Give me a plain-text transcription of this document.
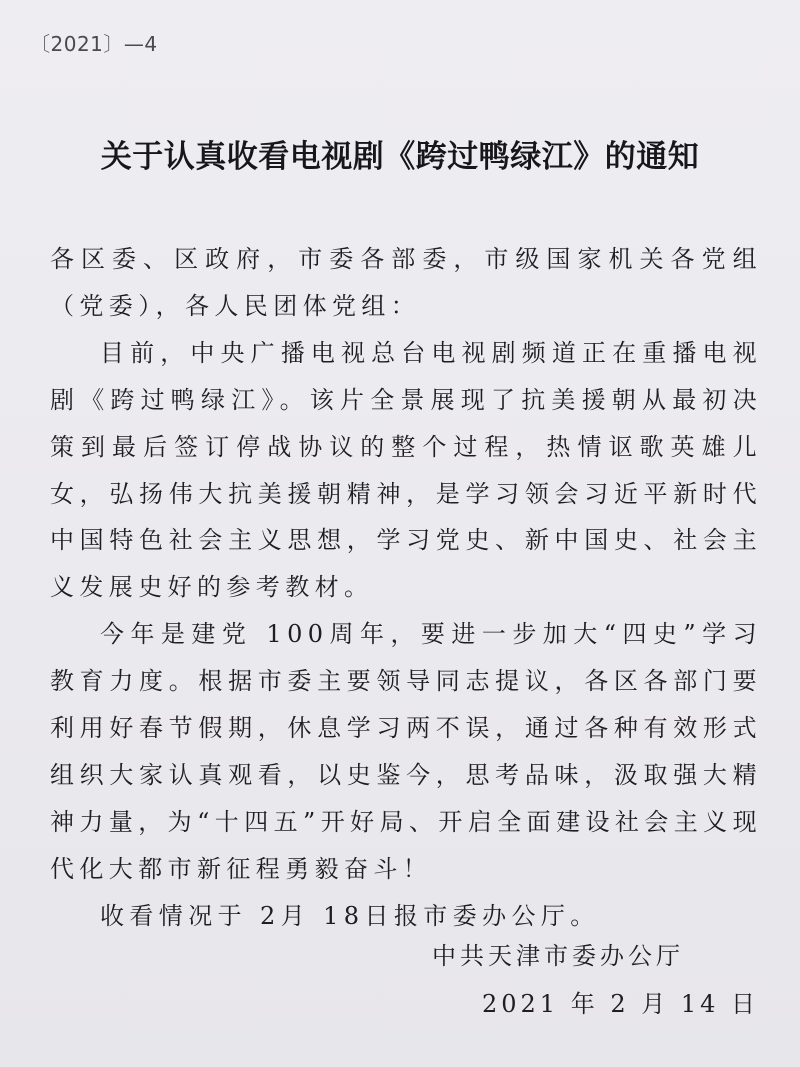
〔2021〕—4
关于认真收看电视剧《跨过鸭绿江》的通知

各区委、区政府，市委各部委，市级国家机关各党组（党委），各人民团体党组：

目前，中央广播电视总台电视剧频道正在重播电视剧《跨过鸭绿江》。该片全景展现了抗美援朝从最初决策到最后签订停战协议的整个过程，热情讴歌英雄儿女，弘扬伟大抗美援朝精神，是学习领会习近平新时代中国特色社会主义思想，学习党史、新中国史、社会主义发展史好的参考教材。

今年是建党 100周年，要进一步加大“四史”学习教育力度。根据市委主要领导同志提议，各区各部门要利用好春节假期，休息学习两不误，通过各种有效形式组织大家认真观看，以史鉴今，思考品味，汲取强大精神力量，为“十四五”开好局、开启全面建设社会主义现代化大都市新征程勇毅奋斗！

收看情况于 2月 18日报市委办公厅。

中共天津市委办公厅
2021 年 2 月 14 日
